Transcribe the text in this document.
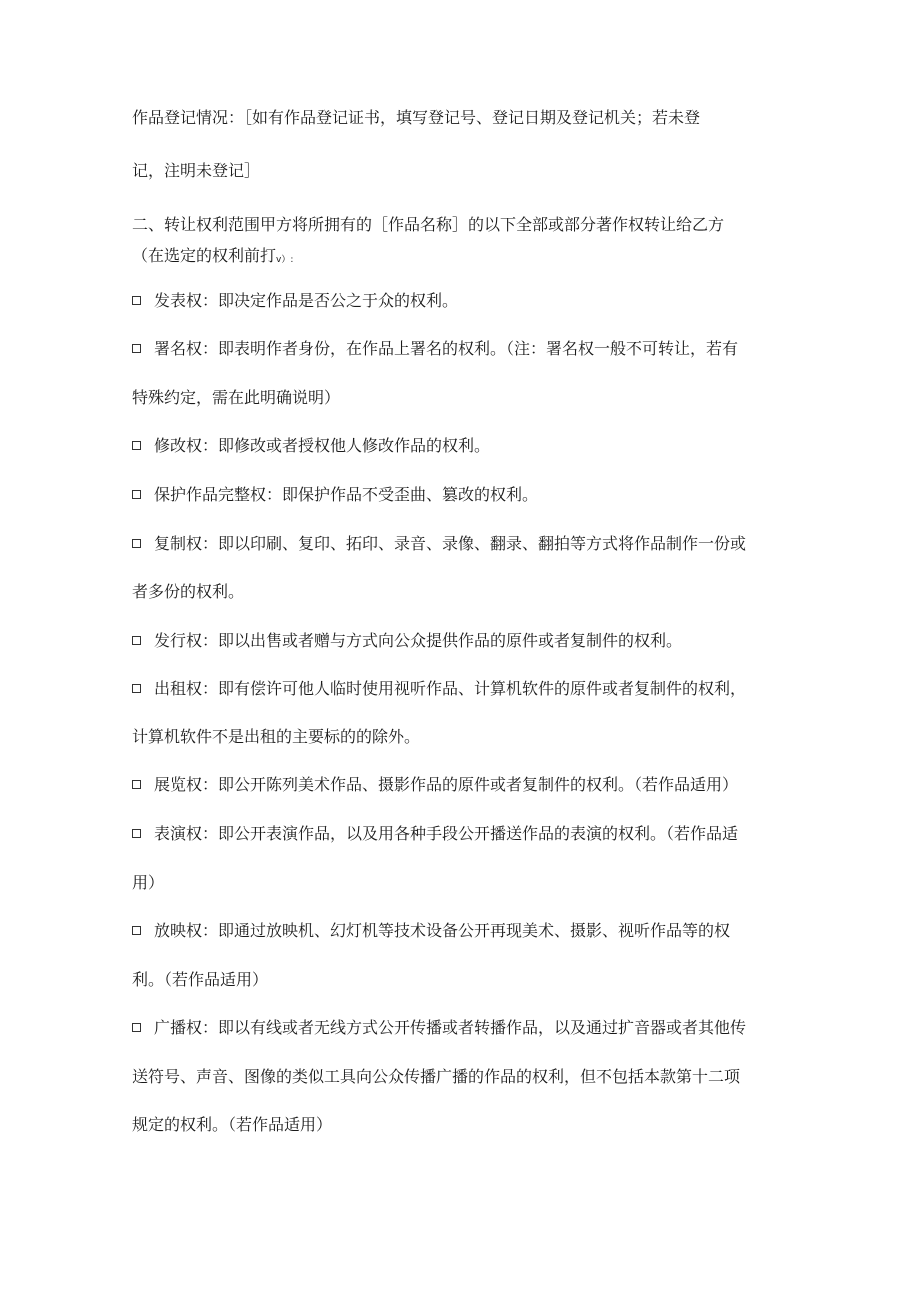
作品登记情况：［如有作品登记证书，填写登记号、登记日期及登记机关；若未登
记，注明未登记］
二、转让权利范围甲方将所拥有的［作品名称］的以下全部或部分著作权转让给乙方
（在选定的权利前打v）:
发表权：即决定作品是否公之于众的权利。
署名权：即表明作者身份，在作品上署名的权利。（注：署名权一般不可转让，若有
特殊约定，需在此明确说明）
修改权：即修改或者授权他人修改作品的权利。
保护作品完整权：即保护作品不受歪曲、篡改的权利。
复制权：即以印刷、复印、拓印、录音、录像、翻录、翻拍等方式将作品制作一份或
者多份的权利。
发行权：即以出售或者赠与方式向公众提供作品的原件或者复制件的权利。
出租权：即有偿许可他人临时使用视听作品、计算机软件的原件或者复制件的权利，
计算机软件不是出租的主要标的的除外。
展览权：即公开陈列美术作品、摄影作品的原件或者复制件的权利。（若作品适用）
表演权：即公开表演作品，以及用各种手段公开播送作品的表演的权利。（若作品适
用）
放映权：即通过放映机、幻灯机等技术设备公开再现美术、摄影、视听作品等的权
利。（若作品适用）
广播权：即以有线或者无线方式公开传播或者转播作品，以及通过扩音器或者其他传
送符号、声音、图像的类似工具向公众传播广播的作品的权利，但不包括本款第十二项
规定的权利。（若作品适用）
